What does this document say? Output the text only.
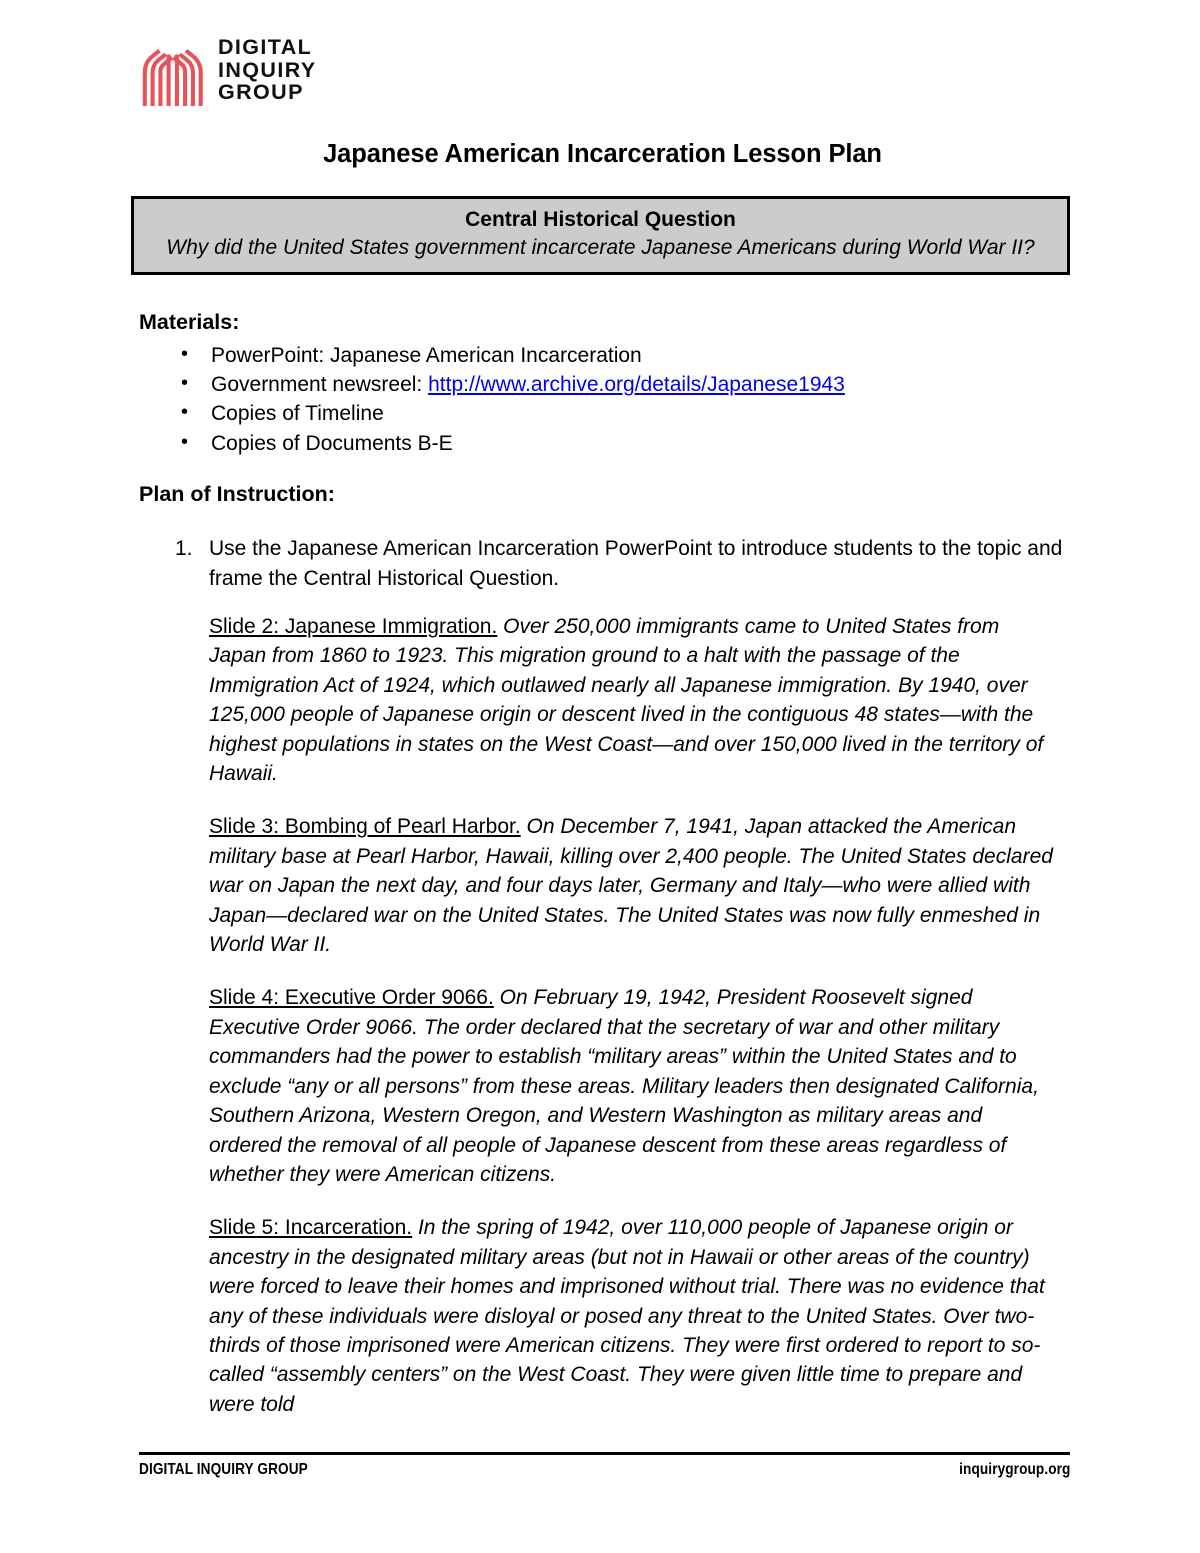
DIGITAL
INQUIRY
GROUP
Japanese American Incarceration Lesson Plan
Central Historical Question
Why did the United States government incarcerate Japanese Americans during World War II?
Materials:
• PowerPoint: Japanese American Incarceration
• Government newsreel: http://www.archive.org/details/Japanese1943
• Copies of Timeline
• Copies of Documents B-E
Plan of Instruction:
1. Use the Japanese American Incarceration PowerPoint to introduce students to the topic and frame the Central Historical Question.

Slide 2: Japanese Immigration. Over 250,000 immigrants came to United States from Japan from 1860 to 1923. This migration ground to a halt with the passage of the Immigration Act of 1924, which outlawed nearly all Japanese immigration. By 1940, over 125,000 people of Japanese origin or descent lived in the contiguous 48 states—with the highest populations in states on the West Coast—and over 150,000 lived in the territory of Hawaii.

Slide 3: Bombing of Pearl Harbor. On December 7, 1941, Japan attacked the American military base at Pearl Harbor, Hawaii, killing over 2,400 people. The United States declared war on Japan the next day, and four days later, Germany and Italy—who were allied with Japan—declared war on the United States. The United States was now fully enmeshed in World War II.

Slide 4: Executive Order 9066. On February 19, 1942, President Roosevelt signed Executive Order 9066. The order declared that the secretary of war and other military commanders had the power to establish “military areas” within the United States and to exclude “any or all persons” from these areas. Military leaders then designated California, Southern Arizona, Western Oregon, and Western Washington as military areas and ordered the removal of all people of Japanese descent from these areas regardless of whether they were American citizens.

Slide 5: Incarceration. In the spring of 1942, over 110,000 people of Japanese origin or ancestry in the designated military areas (but not in Hawaii or other areas of the country) were forced to leave their homes and imprisoned without trial. There was no evidence that any of these individuals were disloyal or posed any threat to the United States. Over two-thirds of those imprisoned were American citizens. They were first ordered to report to so-called “assembly centers” on the West Coast. They were given little time to prepare and were told

DIGITAL INQUIRY GROUP	inquirygroup.org
